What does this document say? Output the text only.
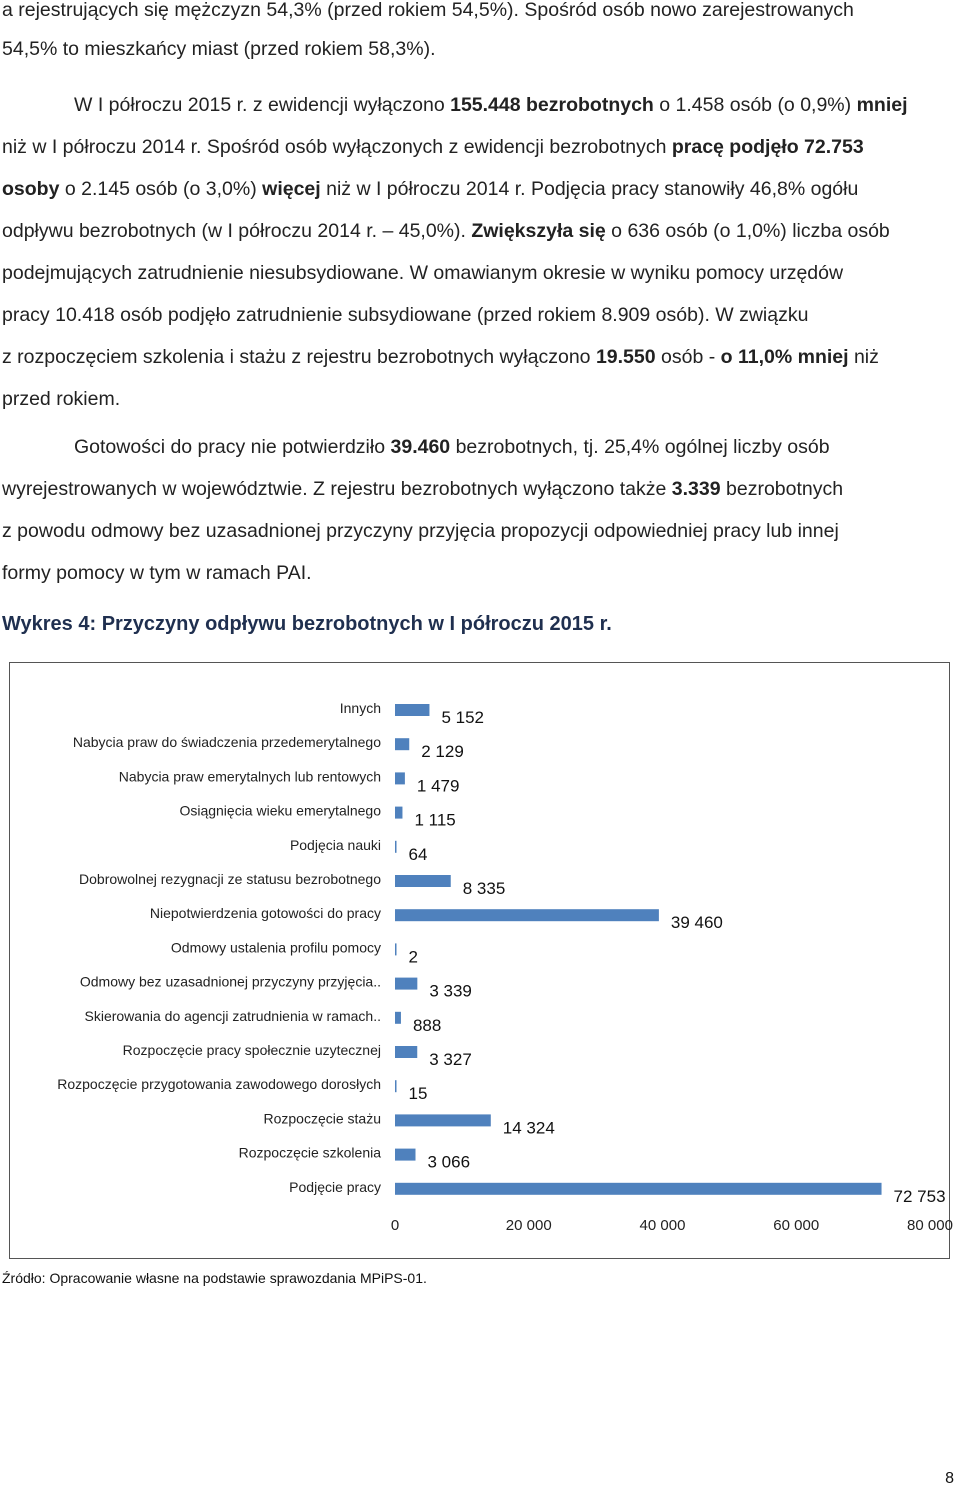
a rejestrujących się mężczyzn 54,3% (przed rokiem 54,5%). Spośród osób nowo zarejestrowanych
54,5% to mieszkańcy miast (przed rokiem 58,3%).
W I półroczu 2015 r. z ewidencji wyłączono 155.448 bezrobotnych o 1.458 osób (o 0,9%) mniej
niż w I półroczu 2014 r. Spośród osób wyłączonych z ewidencji bezrobotnych pracę podjęło 72.753
osoby o 2.145 osób (o 3,0%) więcej niż w I półroczu 2014 r. Podjęcia pracy stanowiły 46,8% ogółu
odpływu bezrobotnych (w I półroczu 2014 r. – 45,0%). Zwiększyła się o 636 osób (o 1,0%) liczba osób
podejmujących zatrudnienie niesubsydiowane. W omawianym okresie w wyniku pomocy urzędów
pracy 10.418 osób podjęło zatrudnienie subsydiowane (przed rokiem 8.909 osób). W związku
z rozpoczęciem szkolenia i stażu z rejestru bezrobotnych wyłączono 19.550 osób - o 11,0% mniej niż
przed rokiem.
Gotowości do pracy nie potwierdziło 39.460 bezrobotnych, tj. 25,4% ogólnej liczby osób
wyrejestrowanych w województwie. Z rejestru bezrobotnych wyłączono także 3.339 bezrobotnych
z powodu odmowy bez uzasadnionej przyczyny przyjęcia propozycji odpowiedniej pracy lub innej
formy pomocy w tym w ramach PAI.
Wykres 4: Przyczyny odpływu bezrobotnych w I półroczu 2015 r.
Innych	5 152
Nabycia praw do świadczenia przedemerytalnego 2 129
Nabycia praw emerytalnych lub rentowych 1 479
Osiągnięcia wieku emerytalnego 1 115
Podjęcia nauki 64
Dobrowolnej rezygnacji ze statusu bezrobotnego	8 335
Niepotwierdzenia gotowości do pracy	39 460
Odmowy ustalenia profilu pomocy 2
Odmowy bez uzasadnionej przyczyny przyjęcia..	3 339
Skierowania do agencji zatrudnienia w ramach.. 888
Rozpoczęcie pracy społecznie uzytecznej	3 327
Rozpoczęcie przygotowania zawodowego dorosłych 15
Rozpoczęcie stażu	14 324
Rozpoczęcie szkolenia	3 066
Podjęcie pracy	72 753
0	20 000	40 000	60 000	80 000
Źródło: Opracowanie własne na podstawie sprawozdania MPiPS-01.
8
